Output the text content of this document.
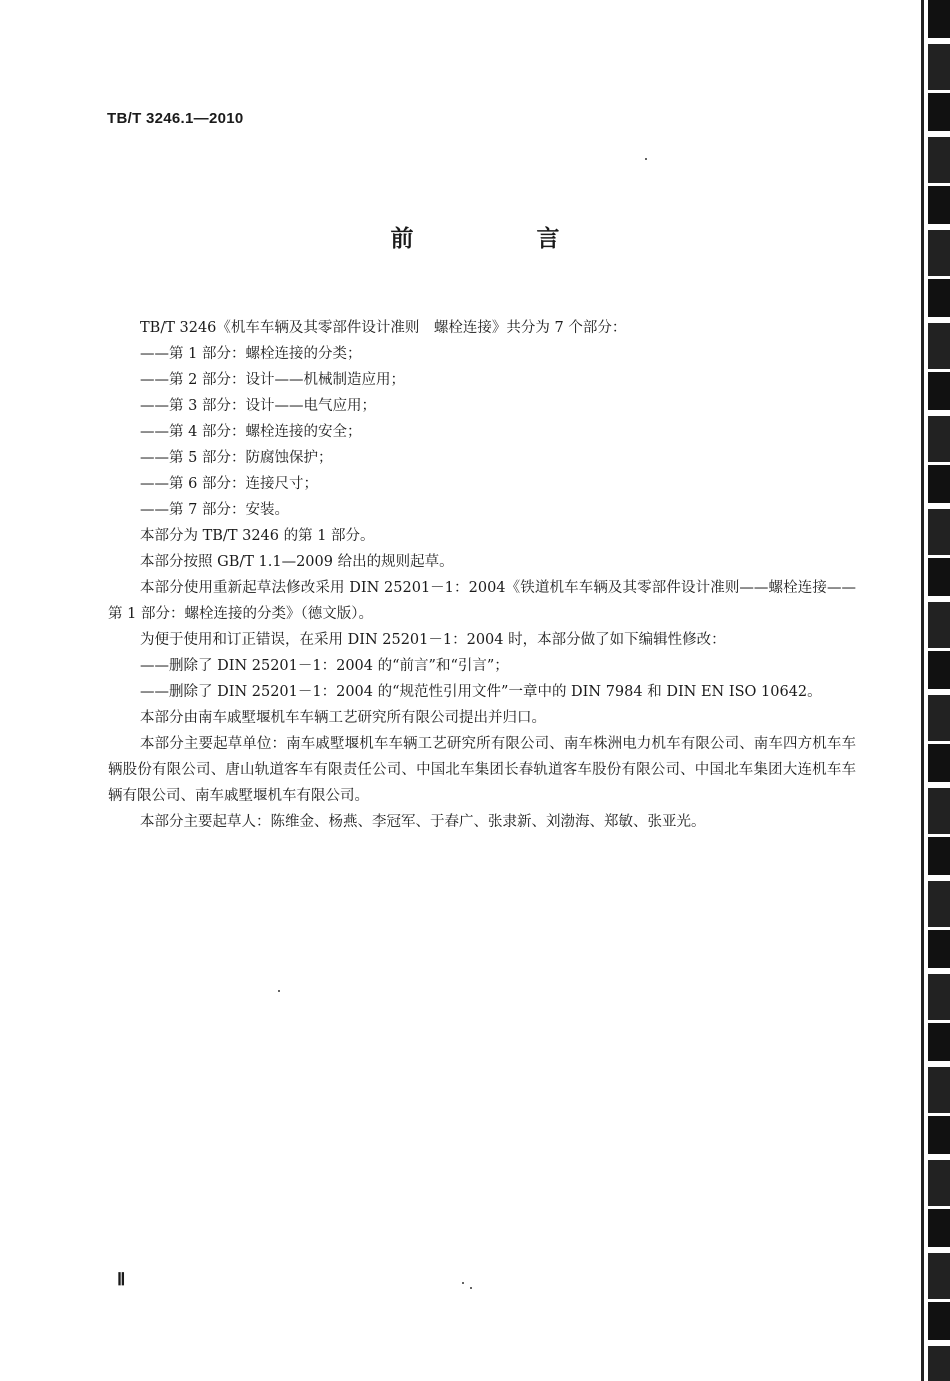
TB/T 3246.1—2010
前　言

TB/T 3246《机车车辆及其零部件设计准则　螺栓连接》共分为 7 个部分：

——第 1 部分：螺栓连接的分类；

——第 2 部分：设计——机械制造应用；

——第 3 部分：设计——电气应用；

——第 4 部分：螺栓连接的安全；

——第 5 部分：防腐蚀保护；

——第 6 部分：连接尺寸；

——第 7 部分：安装。

本部分为 TB/T 3246 的第 1 部分。

本部分按照 GB/T 1.1—2009 给出的规则起草。

本部分使用重新起草法修改采用 DIN 25201－1：2004《铁道机车车辆及其零部件设计准则——螺栓连接——第 1 部分：螺栓连接的分类》（德文版）。

为便于使用和订正错误，在采用 DIN 25201－1：2004 时，本部分做了如下编辑性修改：

——删除了 DIN 25201－1：2004 的“前言”和“引言”；

——删除了 DIN 25201－1：2004 的“规范性引用文件”一章中的 DIN 7984 和 DIN EN ISO 10642。

本部分由南车戚墅堰机车车辆工艺研究所有限公司提出并归口。

本部分主要起草单位：南车戚墅堰机车车辆工艺研究所有限公司、南车株洲电力机车有限公司、南车四方机车车辆股份有限公司、唐山轨道客车有限责任公司、中国北车集团长春轨道客车股份有限公司、中国北车集团大连机车车辆有限公司、南车戚墅堰机车有限公司。

本部分主要起草人：陈维金、杨燕、李冠军、于春广、张隶新、刘渤海、郑敏、张亚光。

Ⅱ
